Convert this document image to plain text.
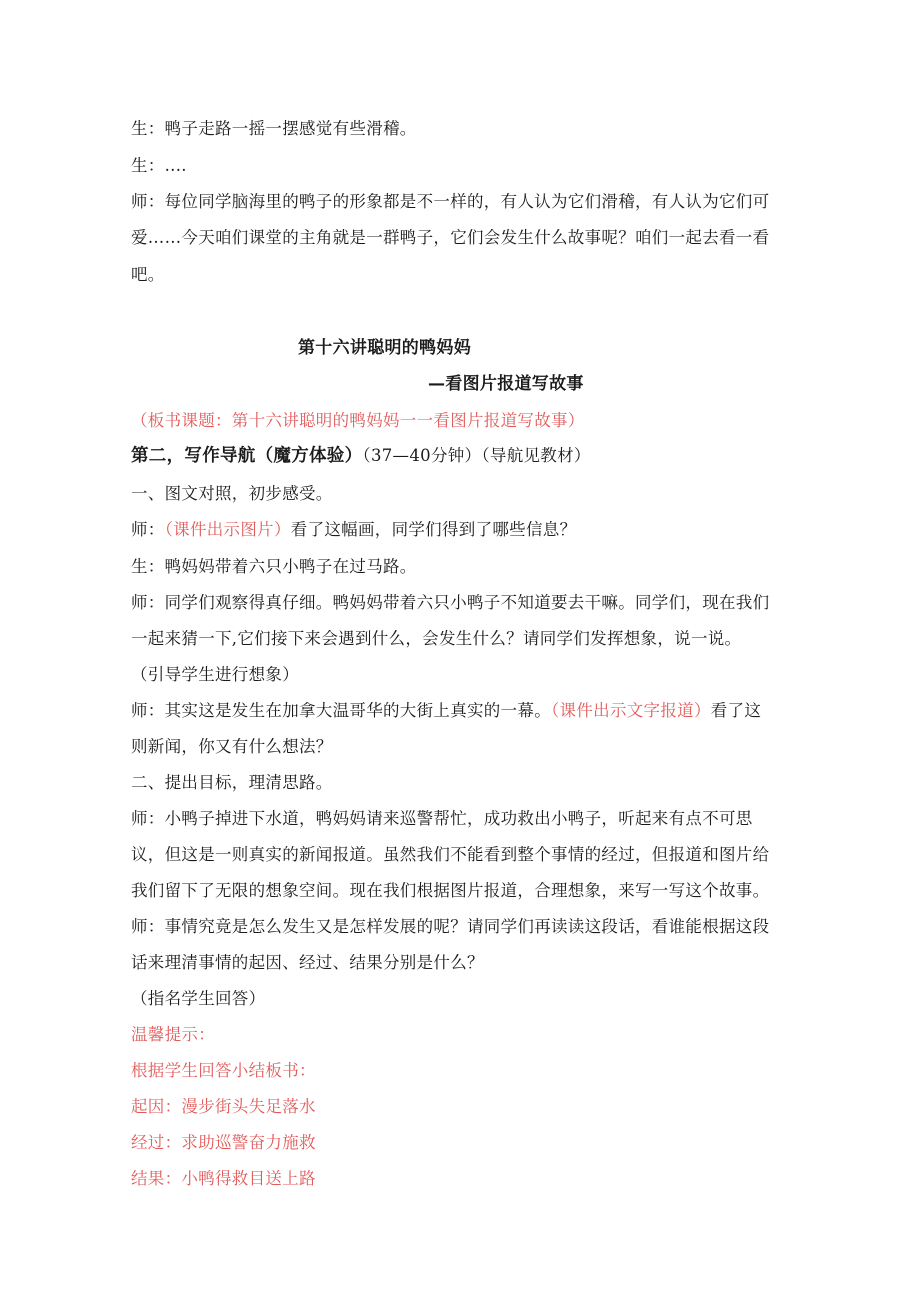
生：鸭子走路一摇一摆感觉有些滑稽。
生：....
师：每位同学脑海里的鸭子的形象都是不一样的，有人认为它们滑稽，有人认为它们可
爱……今天咱们课堂的主角就是一群鸭子，它们会发生什么故事呢？咱们一起去看一看
吧。
第十六讲聪明的鸭妈妈
—看图片报道写故事
（板书课题：第十六讲聪明的鸭妈妈一一看图片报道写故事）
第二，写作导航（魔方体验）（37—40分钟）（导航见教材）
一、图文对照，初步感受。
师：（课件出示图片）看了这幅画，同学们得到了哪些信息？
生：鸭妈妈带着六只小鸭子在过马路。
师：同学们观察得真仔细。鸭妈妈带着六只小鸭子不知道要去干嘛。同学们，现在我们
一起来猜一下,它们接下来会遇到什么，会发生什么？请同学们发挥想象，说一说。
（引导学生进行想象）
师：其实这是发生在加拿大温哥华的大街上真实的一幕。（课件出示文字报道）看了这
则新闻，你又有什么想法？
二、提出目标，理清思路。
师：小鸭子掉进下水道，鸭妈妈请来巡警帮忙，成功救出小鸭子，听起来有点不可思
议，但这是一则真实的新闻报道。虽然我们不能看到整个事情的经过，但报道和图片给
我们留下了无限的想象空间。现在我们根据图片报道，合理想象，来写一写这个故事。
师：事情究竟是怎么发生又是怎样发展的呢？请同学们再读读这段话，看谁能根据这段
话来理清事情的起因、经过、结果分别是什么？
（指名学生回答）
温馨提示：
根据学生回答小结板书：
起因：漫步街头失足落水
经过：求助巡警奋力施救
结果：小鸭得救目送上路
